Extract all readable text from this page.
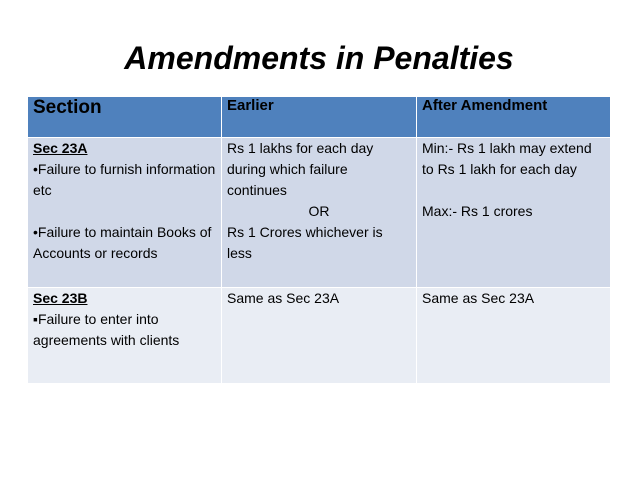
Amendments in Penalties
Section	Earlier	After Amendment

Sec 23A
•Failure to furnish information etc
•Failure to maintain Books of Accounts or records	Rs 1 lakhs for each day during which failure continues
OR
Rs 1 Crores whichever is less	Min:- Rs 1 lakh may extend to Rs 1 lakh for each day
Max:- Rs 1 crores

Sec 23B
▪Failure to enter into agreements with clients	Same as Sec 23A	Same as Sec 23A
